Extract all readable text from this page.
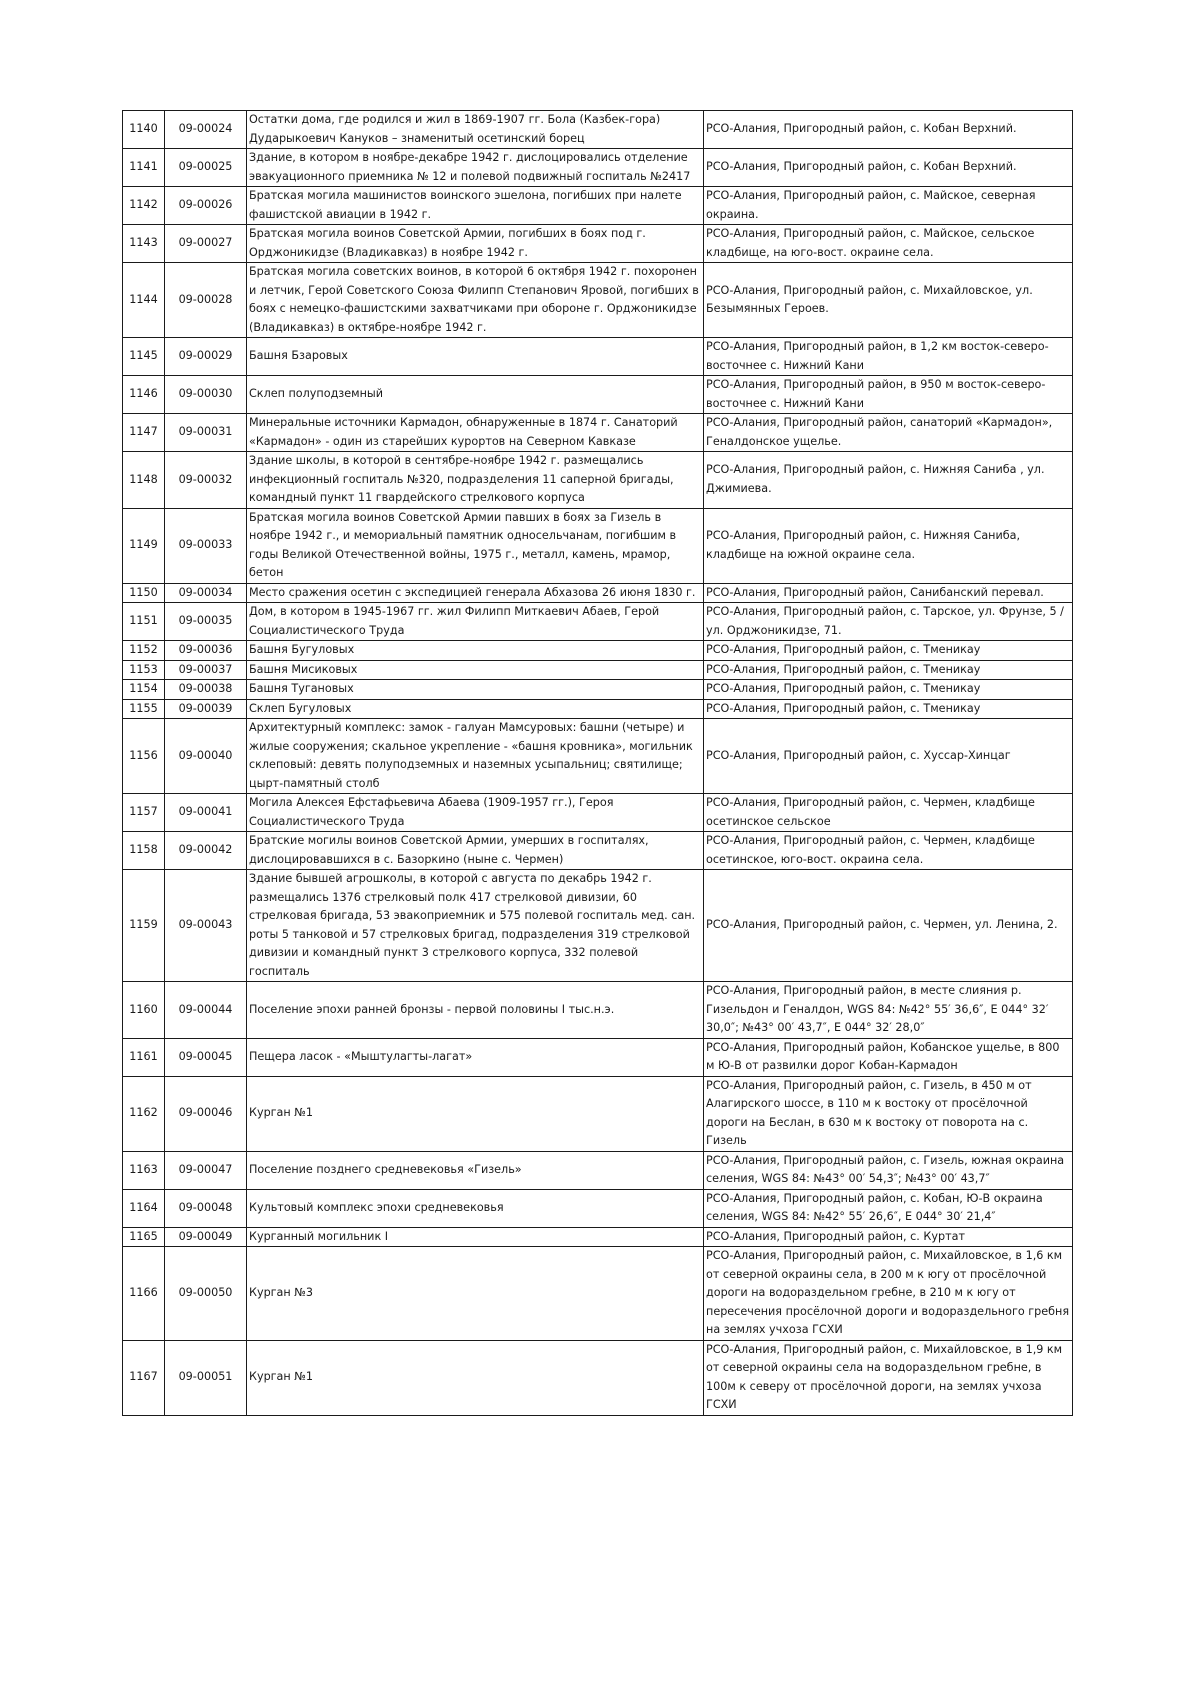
1140	09-00024	Остатки дома, где родился и жил в 1869-1907 гг. Бола (Казбек-гора) Дударыкоевич Кануков – знаменитый осетинский борец	РСО-Алания, Пригородный район, с. Кобан Верхний.
1141	09-00025	Здание, в котором в ноябре-декабре 1942 г. дислоцировались отделение эвакуационного приемника № 12 и полевой подвижный госпиталь №2417	РСО-Алания, Пригородный район, с. Кобан Верхний.
1142	09-00026	Братская могила машинистов воинского эшелона, погибших при налете фашистской авиации в 1942 г.	РСО-Алания, Пригородный район, с. Майское, северная окраина.
1143	09-00027	Братская могила воинов Советской Армии, погибших в боях под г. Орджоникидзе (Владикавказ) в ноябре 1942 г.	РСО-Алания, Пригородный район, с. Майское, сельское кладбище, на юго-вост. окраине села.
1144	09-00028	Братская могила советских воинов, в которой 6 октября 1942 г. похоронен и летчик, Герой Советского Союза Филипп Степанович Яровой, погибших в боях с немецко-фашистскими захватчиками при обороне г. Орджоникидзе (Владикавказ) в октябре-ноябре 1942 г.	РСО-Алания, Пригородный район, с. Михайловское, ул. Безымянных Героев.
1145	09-00029	Башня Бзаровых	РСО-Алания, Пригородный район, в 1,2 км восток-северо-восточнее с. Нижний Кани
1146	09-00030	Склеп полуподземный	РСО-Алания, Пригородный район, в 950 м восток-северо-восточнее с. Нижний Кани
1147	09-00031	Минеральные источники Кармадон, обнаруженные в 1874 г. Санаторий «Кармадон» - один из старейших курортов на Северном Кавказе	РСО-Алания, Пригородный район, санаторий «Кармадон», Геналдонское ущелье.
1148	09-00032	Здание школы, в которой в сентябре-ноябре 1942 г. размещались инфекционный госпиталь №320, подразделения 11 саперной бригады, командный пункт 11 гвардейского стрелкового корпуса	РСО-Алания, Пригородный район, с. Нижняя Саниба , ул. Джимиева.
1149	09-00033	Братская могила воинов Советской Армии павших в боях за Гизель в ноябре 1942 г., и мемориальный памятник односельчанам, погибшим в годы Великой Отечественной войны, 1975 г., металл, камень, мрамор, бетон	РСО-Алания, Пригородный район, с. Нижняя Саниба, кладбище на южной окраине села.
1150	09-00034	Место сражения осетин с экспедицией генерала Абхазова 26 июня 1830 г.	РСО-Алания, Пригородный район, Санибанский перевал.
1151	09-00035	Дом, в котором в 1945-1967 гг. жил Филипп Миткаевич Абаев, Герой Социалистического Труда	РСО-Алания, Пригородный район, с. Тарское, ул. Фрунзе, 5 / ул. Орджоникидзе, 71.
1152	09-00036	Башня Бугуловых	РСО-Алания, Пригородный район, с. Тменикау
1153	09-00037	Башня Мисиковых	РСО-Алания, Пригородный район, с. Тменикау
1154	09-00038	Башня Тугановых	РСО-Алания, Пригородный район, с. Тменикау
1155	09-00039	Склеп Бугуловых	РСО-Алания, Пригородный район, с. Тменикау
1156	09-00040	Архитектурный комплекс: замок - галуан Мамсуровых: башни (четыре) и жилые сооружения; скальное укрепление - «башня кровника», могильник склеповый: девять полуподземных и наземных усыпальниц; святилище; цырт-памятный столб	РСО-Алания, Пригородный район, с. Хуссар-Хинцаг
1157	09-00041	Могила Алексея Ефстафьевича Абаева (1909-1957 гг.), Героя Социалистического Труда	РСО-Алания, Пригородный район, с. Чермен, кладбище осетинское сельское
1158	09-00042	Братские могилы воинов Советской Армии, умерших в госпиталях, дислоцировавшихся в с. Базоркино (ныне с. Чермен)	РСО-Алания, Пригородный район, с. Чермен, кладбище осетинское, юго-вост. окраина села.
1159	09-00043	Здание бывшей агрошколы, в которой с августа по декабрь 1942 г. размещались 1376 стрелковый полк 417 стрелковой дивизии, 60 стрелковая бригада, 53 эвакоприемник и 575 полевой госпиталь мед. сан. роты 5 танковой и 57 стрелковых бригад, подразделения 319 стрелковой дивизии и командный пункт 3 стрелкового корпуса, 332 полевой госпиталь	РСО-Алания, Пригородный район, с. Чермен, ул. Ленина, 2.
1160	09-00044	Поселение эпохи ранней бронзы - первой половины I тыс.н.э.	РСО-Алания, Пригородный район, в месте слияния р. Гизельдон и Геналдон, WGS 84: №42° 55′ 36,6″, Е 044° 32′ 30,0″; №43° 00′ 43,7″, Е 044° 32′ 28,0″
1161	09-00045	Пещера ласок - «Мыштулагты-лагат»	РСО-Алания, Пригородный район, Кобанское ущелье, в 800 м Ю-В от развилки дорог Кобан-Кармадон
1162	09-00046	Курган №1	РСО-Алания, Пригородный район, с. Гизель, в 450 м от Алагирского шоссе, в 110 м к востоку от просёлочной дороги на Беслан, в 630 м к востоку от поворота на с. Гизель
1163	09-00047	Поселение позднего средневековья «Гизель»	РСО-Алания, Пригородный район, с. Гизель, южная окраина селения, WGS 84: №43° 00′ 54,3″; №43° 00′ 43,7″
1164	09-00048	Культовый комплекс эпохи средневековья	РСО-Алания, Пригородный район, с. Кобан, Ю-В окраина селения, WGS 84: №42° 55′ 26,6″, Е 044° 30′ 21,4″
1165	09-00049	Курганный могильник I	РСО-Алания, Пригородный район, с. Куртат
1166	09-00050	Курган №3	РСО-Алания, Пригородный район, с. Михайловское, в 1,6 км от северной окраины села, в 200 м к югу от просёлочной дороги на водораздельном гребне, в 210 м к югу от пересечения просёлочной дороги и водораздельного гребня на землях учхоза ГСХИ
1167	09-00051	Курган №1	РСО-Алания, Пригородный район, с. Михайловское, в 1,9 км от северной окраины села на водораздельном гребне, в 100м к северу от просёлочной дороги, на землях учхоза ГСХИ
